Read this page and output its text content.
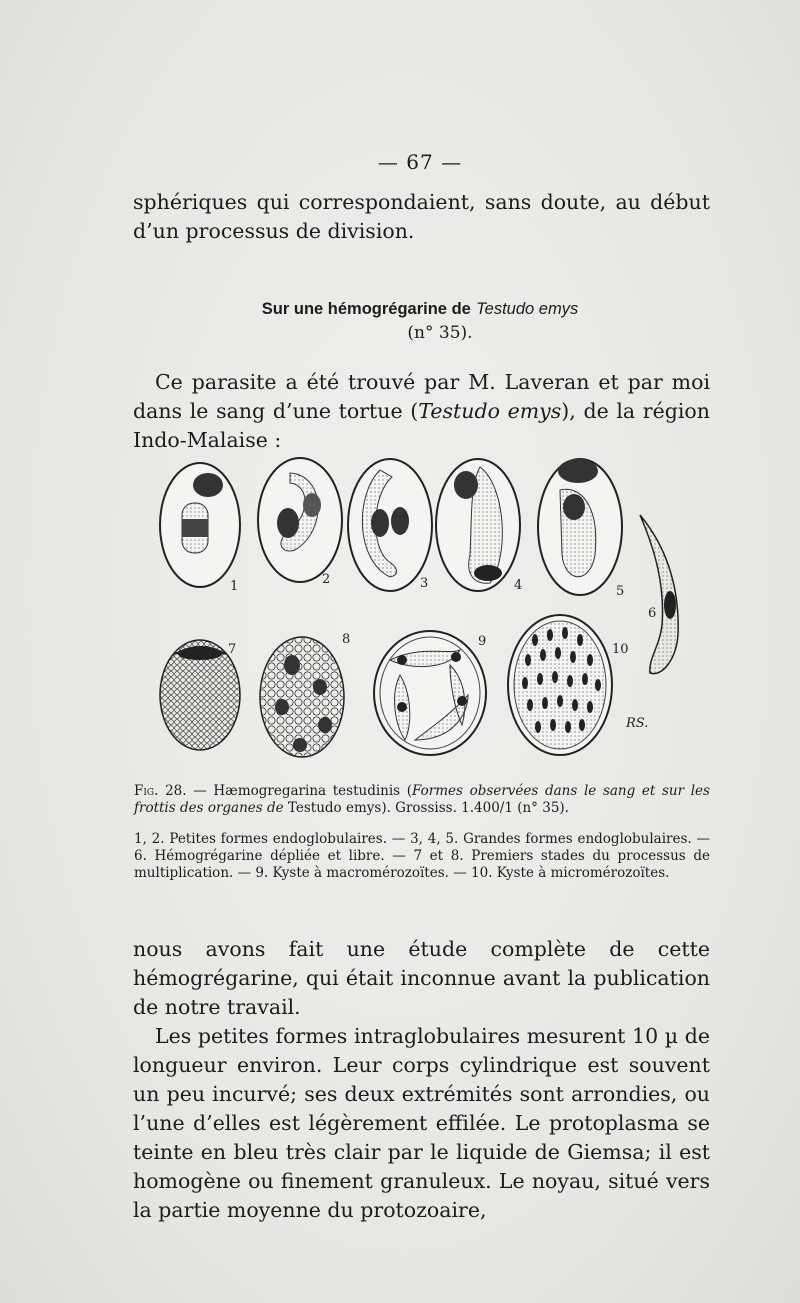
— 67 —

sphériques qui correspondaient, sans doute, au début d’un processus de division.

Sur une hémogrégarine de Testudo emys
(n° 35).

Ce parasite a été trouvé par M. Laveran et par moi dans le sang d’une tortue (Testudo emys), de la région Indo-Malaise :

1	2	3	4	5
6
7
8	9
10
RS.
Fig. 28. — Hæmogregarina testudinis (Formes observées dans le sang et sur les frottis des organes de Testudo emys). Grossiss. 1.400/1 (n° 35).
1, 2. Petites formes endoglobulaires. — 3, 4, 5. Grandes formes endoglobulaires. — 6. Hémogrégarine dépliée et libre. — 7 et 8. Premiers stades du processus de multiplication. — 9. Kyste à macromérozoïtes. — 10. Kyste à micromérozoïtes.

nous avons fait une étude complète de cette hémogrégarine, qui était inconnue avant la publication de notre travail.

Les petites formes intraglobulaires mesurent 10 µ de longueur environ. Leur corps cylindrique est souvent un peu incurvé; ses deux extrémités sont arrondies, ou l’une d’elles est légèrement effilée. Le protoplasma se teinte en bleu très clair par le liquide de Giemsa; il est homogène ou finement granuleux. Le noyau, situé vers la partie moyenne du protozoaire,
